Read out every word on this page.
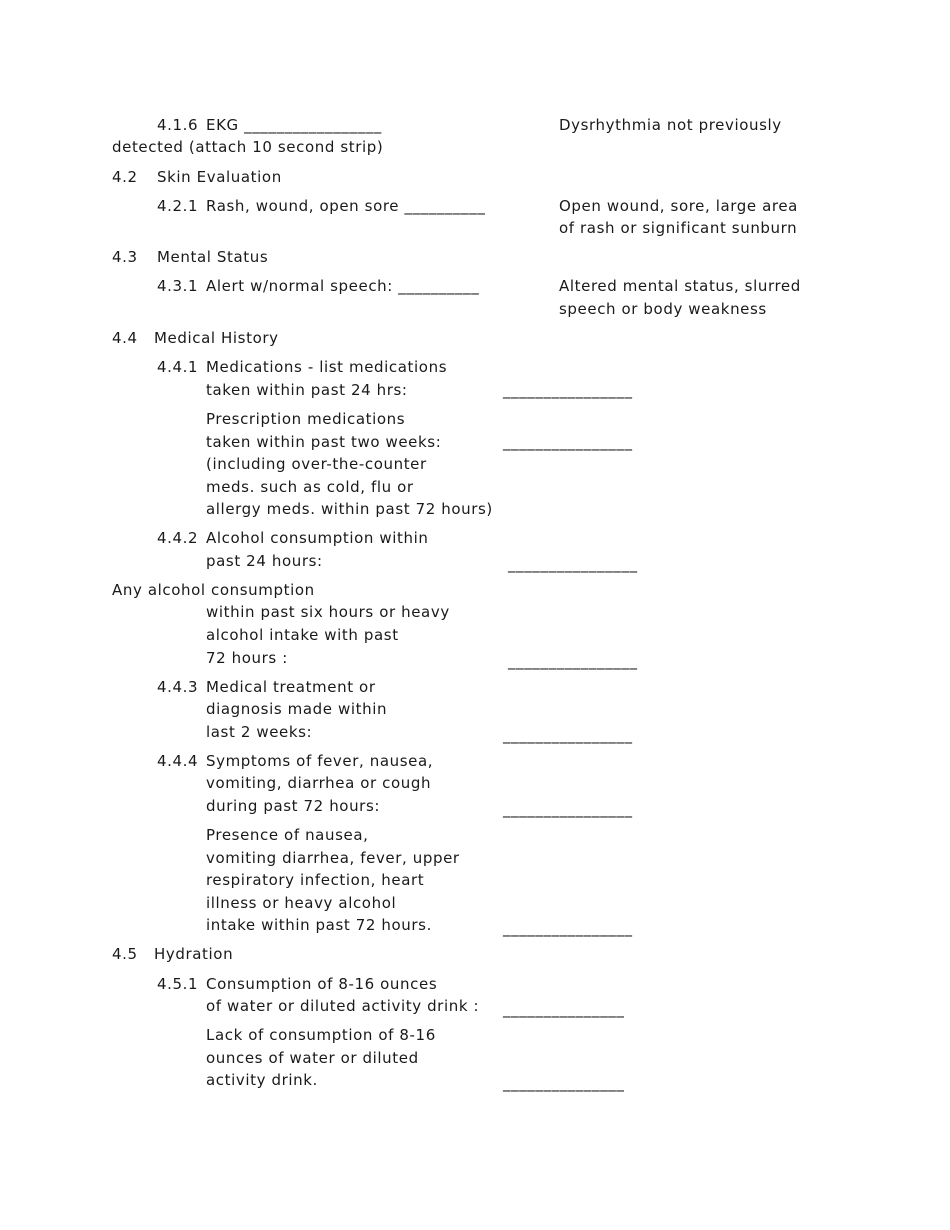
4.1.6 EKG _________________	Dysrhythmia not previously
detected (attach 10 second strip)
4.2 Skin Evaluation
4.2.1 Rash, wound, open sore __________	Open wound, sore, large area
of rash or significant sunburn
4.3 Mental Status
4.3.1 Alert w/normal speech: __________	Altered mental status, slurred
speech or body weakness
4.4 Medical History
4.4.1 Medications - list medications
taken within past 24 hrs:	________________
Prescription medications
taken within past two weeks:	________________
(including over-the-counter
meds. such as cold, flu or
allergy meds. within past 72 hours)
4.4.2 Alcohol consumption within
past 24 hours:	________________
Any alcohol consumption
within past six hours or heavy
alcohol intake with past
72 hours :	________________
4.4.3 Medical treatment or
diagnosis made within
last 2 weeks:	________________
4.4.4 Symptoms of fever, nausea,
vomiting, diarrhea or cough
during past 72 hours:	________________
Presence of nausea,
vomiting diarrhea, fever, upper
respiratory infection, heart
illness or heavy alcohol
intake within past 72 hours.	________________
4.5 Hydration
4.5.1 Consumption of 8-16 ounces
of water or diluted activity drink : _______________
Lack of consumption of 8-16
ounces of water or diluted
activity drink.	_______________
